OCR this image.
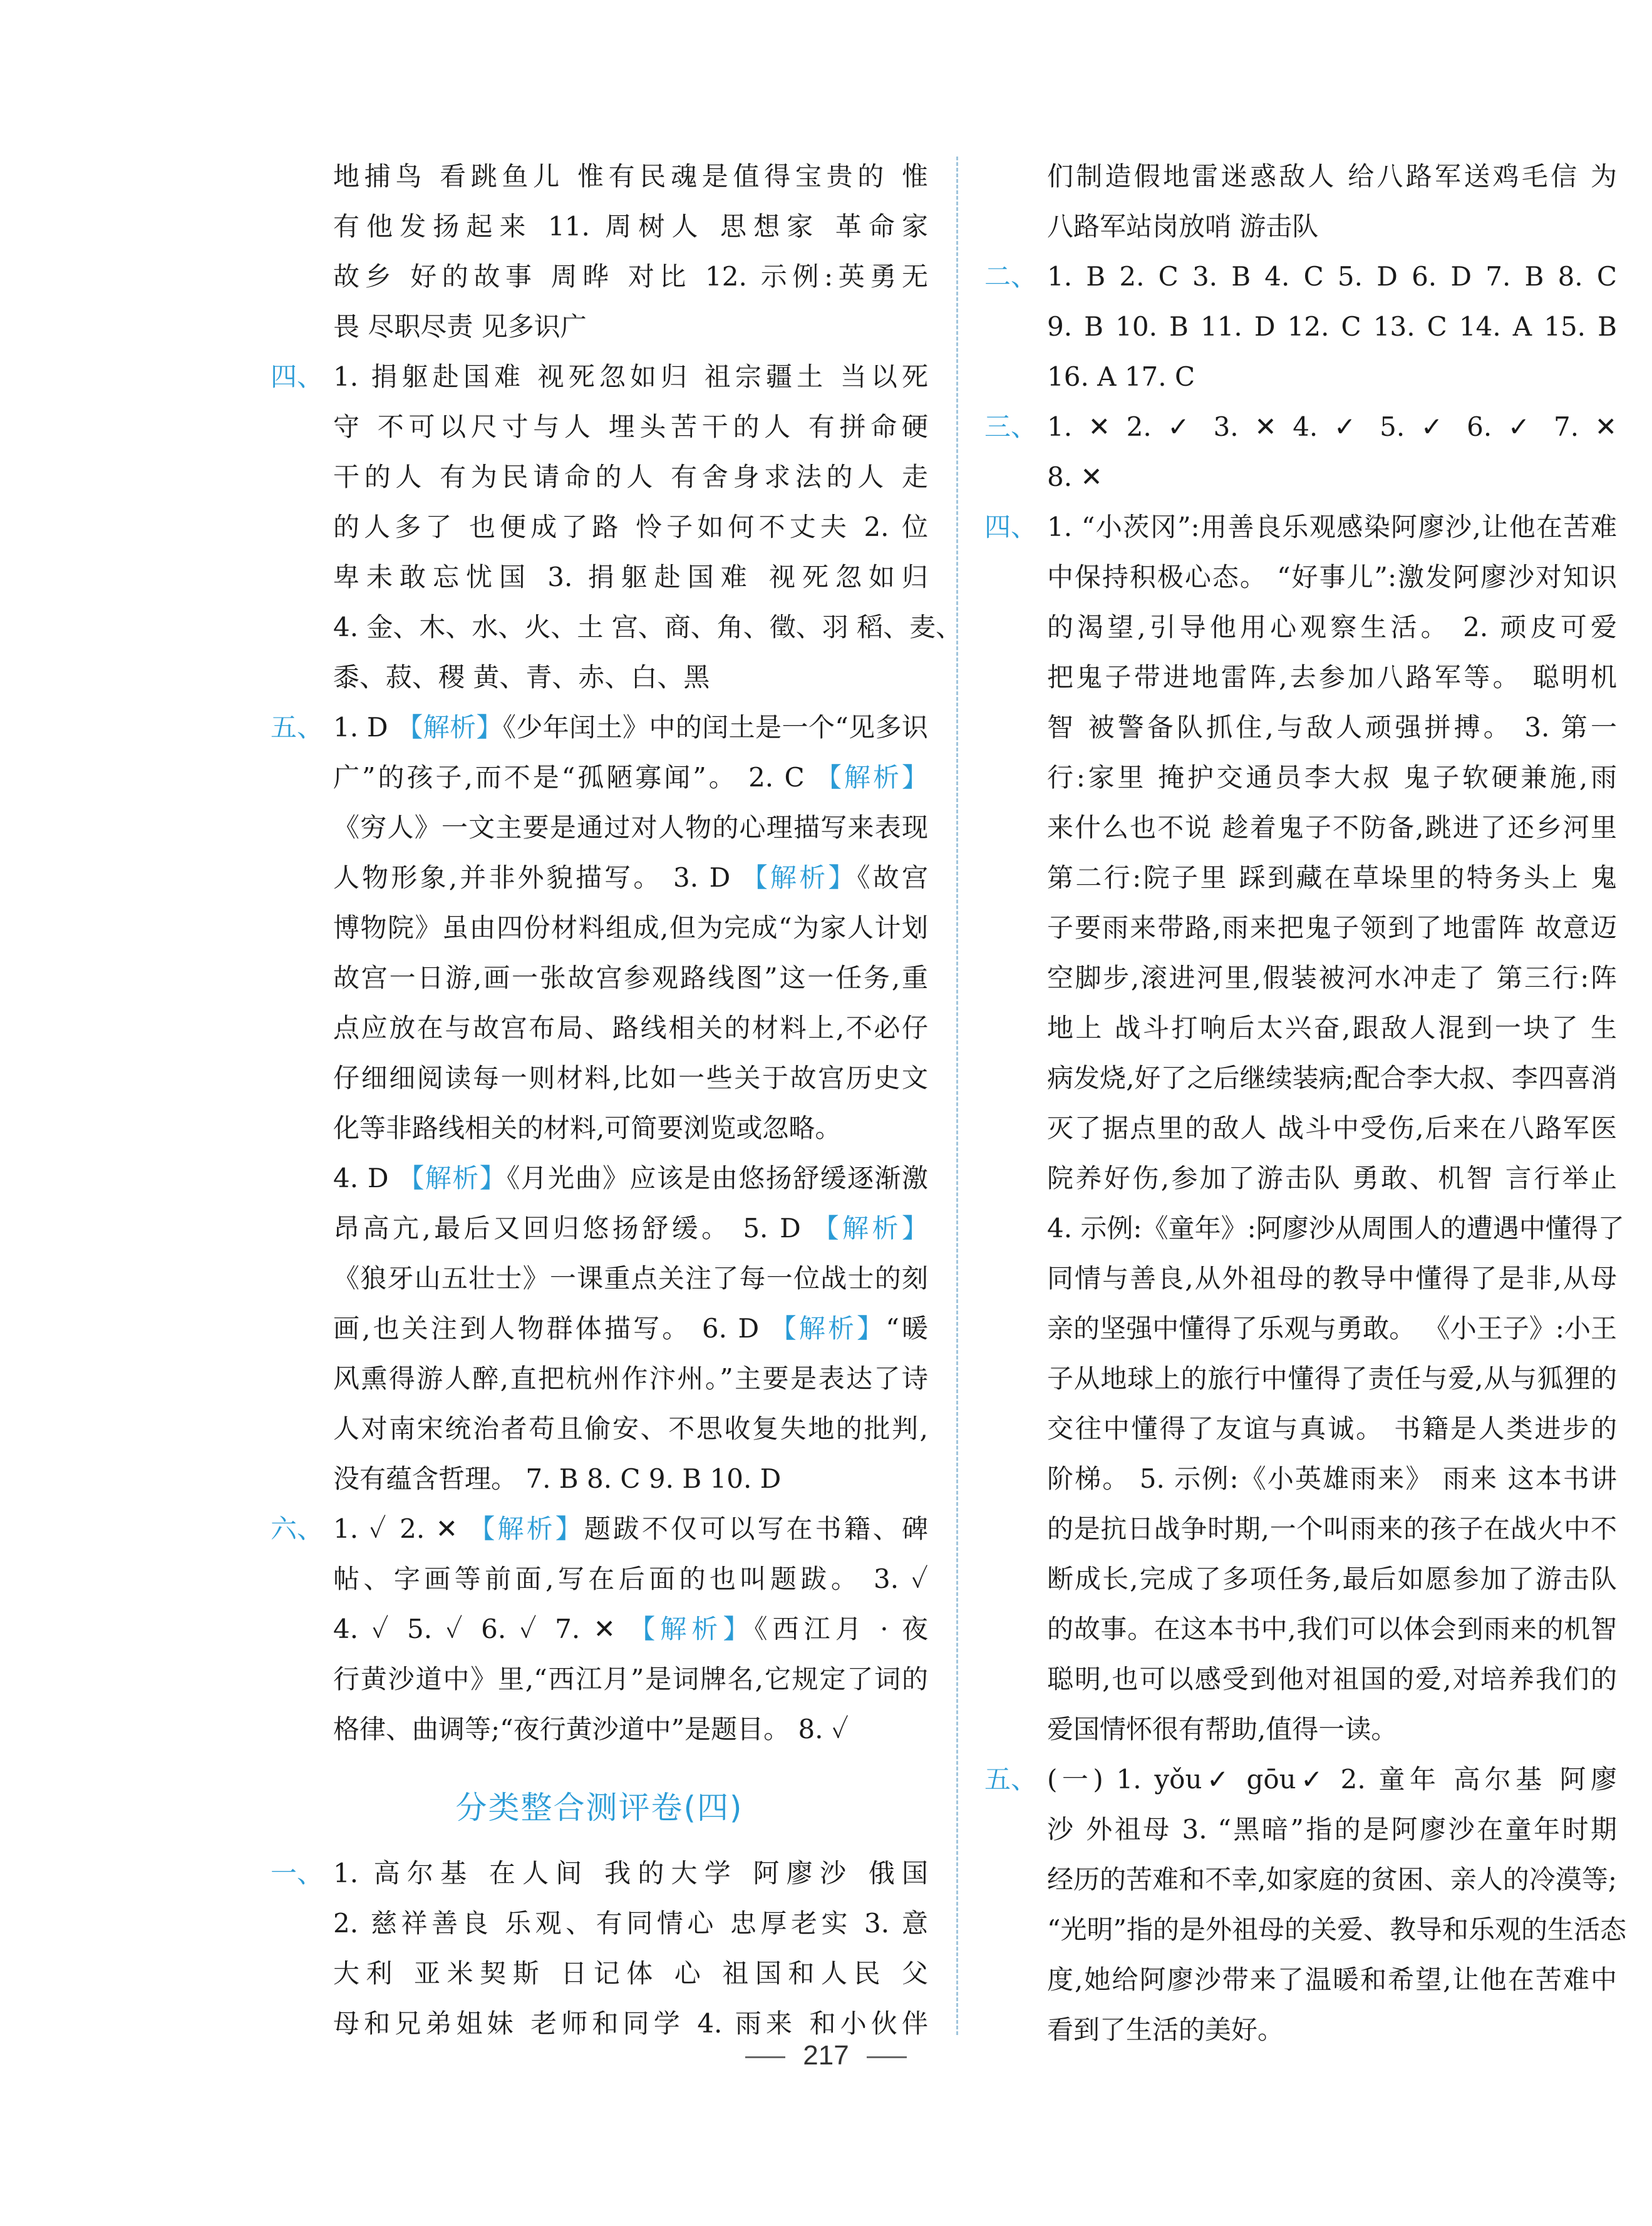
地捕鸟 看跳鱼儿 惟有民魂是值得宝贵的 惟
有他发扬起来 11. 周树人 思想家 革命家
故乡 好的故事 周晔 对比 12. 示例:英勇无
畏 尽职尽责 见多识广
四、 1. 捐躯赴国难 视死忽如归 祖宗疆土 当以死
守 不可以尺寸与人 埋头苦干的人 有拼命硬
干的人 有为民请命的人 有舍身求法的人 走
的人多了 也便成了路 怜子如何不丈夫 2. 位
卑未敢忘忧国 3. 捐躯赴国难 视死忽如归
4. 金、木、水、火、土 宫、商、角、徵、羽 稻、麦、
黍、菽、稷 黄、青、赤、白、黑
五、 1. D 【解析】《少年闰土》中的闰土是一个“见多识
广”的孩子,而不是“孤陋寡闻”。 2. C 【解析】
《穷人》一文主要是通过对人物的心理描写来表现
人物形象,并非外貌描写。 3. D 【解析】《故宫
博物院》虽由四份材料组成,但为完成“为家人计划
故宫一日游,画一张故宫参观路线图”这一任务,重
点应放在与故宫布局、路线相关的材料上,不必仔
仔细细阅读每一则材料,比如一些关于故宫历史文
化等非路线相关的材料,可简要浏览或忽略。
4. D 【解析】《月光曲》应该是由悠扬舒缓逐渐激
昂高亢,最后又回归悠扬舒缓。 5. D 【解析】
《狼牙山五壮士》一课重点关注了每一位战士的刻
画,也关注到人物群体描写。 6. D 【解析】“暖
风熏得游人醉,直把杭州作汴州。”主要是表达了诗
人对南宋统治者苟且偷安、不思收复失地的批判,
没有蕴含哲理。 7. B 8. C 9. B 10. D
六、 1. ✓ 2. ✕ 【解析】题跋不仅可以写在书籍、碑
帖、字画等前面,写在后面的也叫题跋。 3. ✓
4. ✓ 5. ✓ 6. ✓ 7. ✕ 【解析】《西江月 · 夜
行黄沙道中》里,“西江月”是词牌名,它规定了词的
格律、曲调等;“夜行黄沙道中”是题目。 8. ✓
分类整合测评卷(四)
一、 1. 高尔基 在人间 我的大学 阿廖沙 俄国
2. 慈祥善良 乐观、有同情心 忠厚老实 3. 意
大利 亚米契斯 日记体 心 祖国和人民 父
母和兄弟姐妹 老师和同学 4. 雨来 和小伙伴
们制造假地雷迷惑敌人 给八路军送鸡毛信 为
八路军站岗放哨 游击队
二、 1. B 2. C 3. B 4. C 5. D 6. D 7. B 8. C
9. B 10. B 11. D 12. C 13. C 14. A 15. B
16. A 17. C
三、 1. ✕ 2. ✓ 3. ✕ 4. ✓ 5. ✓ 6. ✓ 7. ✕
8. ✕
四、 1. “小茨冈”:用善良乐观感染阿廖沙,让他在苦难
中保持积极心态。 “好事儿”:激发阿廖沙对知识
的渴望,引导他用心观察生活。 2. 顽皮可爱
把鬼子带进地雷阵,去参加八路军等。 聪明机
智 被警备队抓住,与敌人顽强拼搏。 3. 第一
行:家里 掩护交通员李大叔 鬼子软硬兼施,雨
来什么也不说 趁着鬼子不防备,跳进了还乡河里
第二行:院子里 踩到藏在草垛里的特务头上 鬼
子要雨来带路,雨来把鬼子领到了地雷阵 故意迈
空脚步,滚进河里,假装被河水冲走了 第三行:阵
地上 战斗打响后太兴奋,跟敌人混到一块了 生
病发烧,好了之后继续装病;配合李大叔、李四喜消
灭了据点里的敌人 战斗中受伤,后来在八路军医
院养好伤,参加了游击队 勇敢、机智 言行举止
4. 示例:《童年》:阿廖沙从周围人的遭遇中懂得了
同情与善良,从外祖母的教导中懂得了是非,从母
亲的坚强中懂得了乐观与勇敢。 《小王子》:小王
子从地球上的旅行中懂得了责任与爱,从与狐狸的
交往中懂得了友谊与真诚。 书籍是人类进步的
阶梯。 5. 示例:《小英雄雨来》 雨来 这本书讲
的是抗日战争时期,一个叫雨来的孩子在战火中不
断成长,完成了多项任务,最后如愿参加了游击队
的故事。在这本书中,我们可以体会到雨来的机智
聪明,也可以感受到他对祖国的爱,对培养我们的
爱国情怀很有帮助,值得一读。
五、 (一) 1. yǒu✓ gōu✓ 2. 童年 高尔基 阿廖
沙 外祖母 3. “黑暗”指的是阿廖沙在童年时期
经历的苦难和不幸,如家庭的贫困、亲人的冷漠等;
“光明”指的是外祖母的关爱、教导和乐观的生活态
度,她给阿廖沙带来了温暖和希望,让他在苦难中
看到了生活的美好。
217
